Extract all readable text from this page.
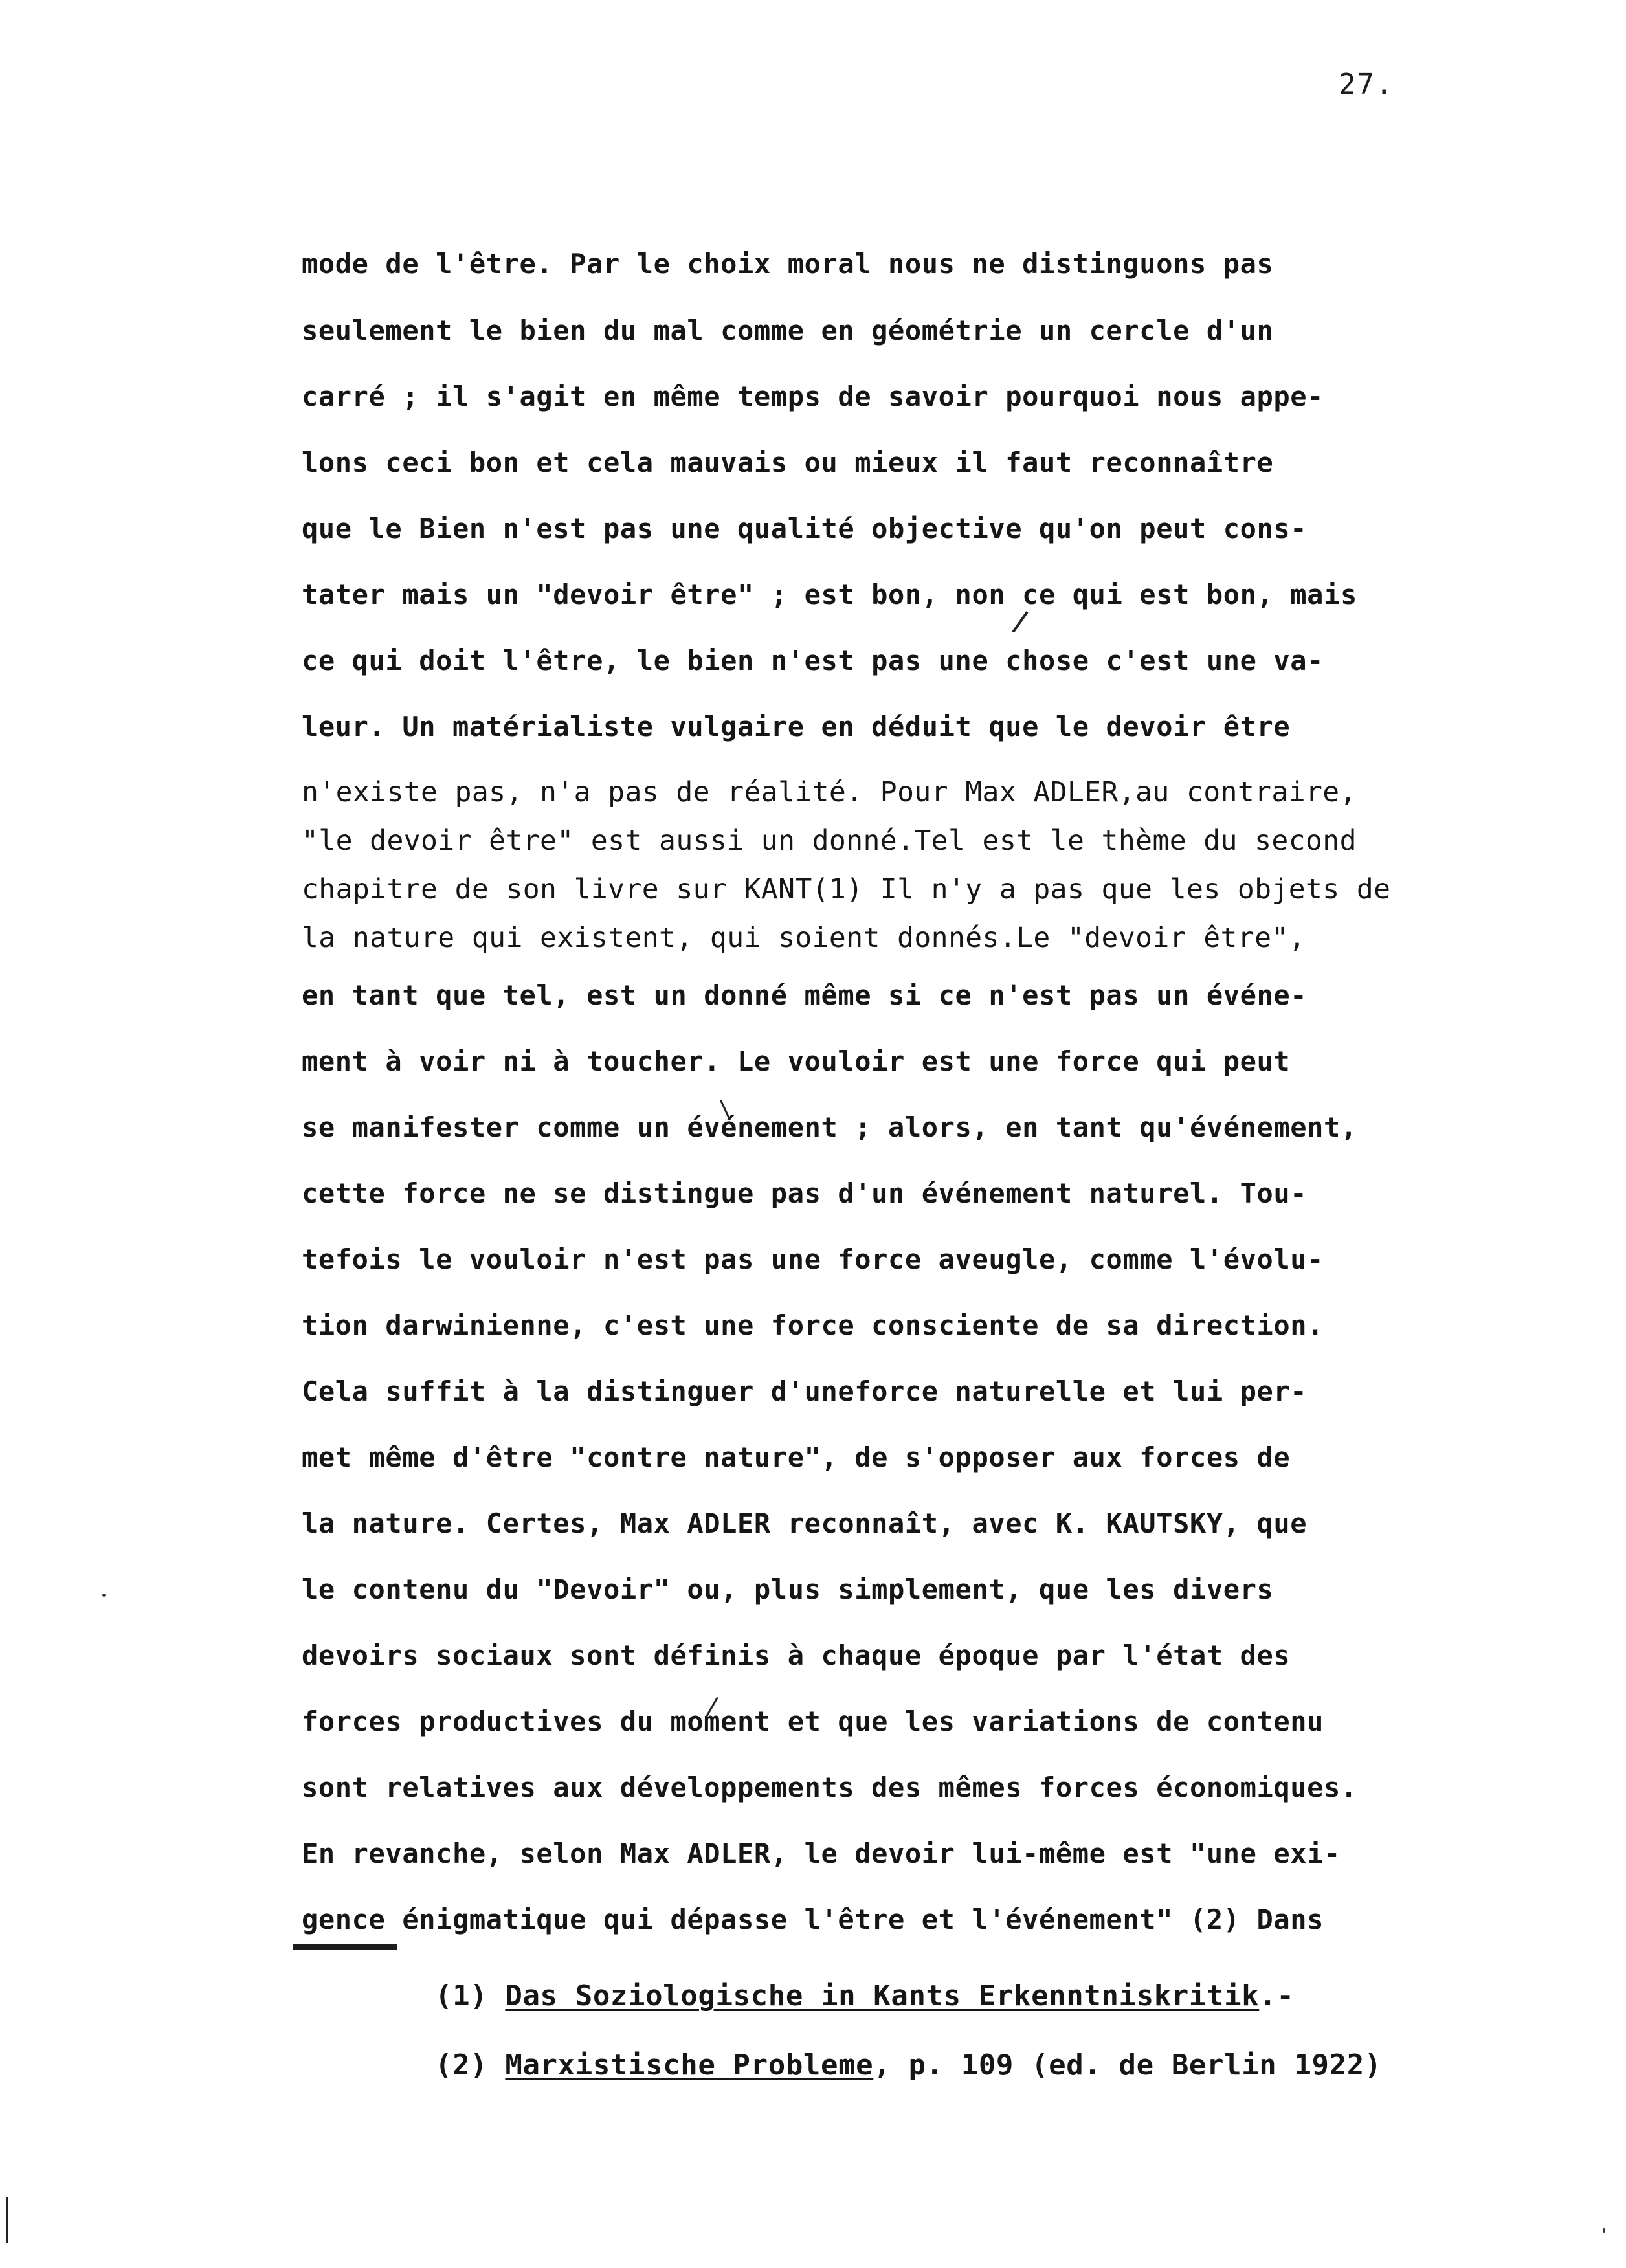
27.
mode de l'être. Par le choix moral nous ne distinguons pas
seulement le bien du mal comme en géométrie un cercle d'un
carré ; il s'agit en même temps de savoir pourquoi nous appe-
lons ceci bon et cela mauvais ou mieux il faut reconnaître
que le Bien n'est pas une qualité objective qu'on peut cons-
tater mais un "devoir être" ; est bon, non ce qui est bon, mais
ce qui doit l'être, le bien n'est pas une chose c'est une va-
leur. Un matérialiste vulgaire en déduit que le devoir être
n'existe pas, n'a pas de réalité. Pour Max ADLER,au contraire,
"le devoir être" est aussi un donné.Tel est le thème du second
chapitre de son livre sur KANT(1) Il n'y a pas que les objets de
la nature qui existent, qui soient donnés.Le "devoir être",
en tant que tel, est un donné même si ce n'est pas un événe-
ment à voir ni à toucher. Le vouloir est une force qui peut
se manifester comme un événement ; alors, en tant qu'événement,
cette force ne se distingue pas d'un événement naturel. Tou-
tefois le vouloir n'est pas une force aveugle, comme l'évolu-
tion darwinienne, c'est une force consciente de sa direction.
Cela suffit à la distinguer d'uneforce naturelle et lui per-
met même d'être "contre nature", de s'opposer aux forces de
la nature. Certes, Max ADLER reconnaît, avec K. KAUTSKY, que
le contenu du "Devoir" ou, plus simplement, que les divers
devoirs sociaux sont définis à chaque époque par l'état des
forces productives du moment et que les variations de contenu
sont relatives aux développements des mêmes forces économiques.
En revanche, selon Max ADLER, le devoir lui-même est "une exi-
gence énigmatique qui dépasse l'être et l'événement" (2) Dans
(1) Das Soziologische in Kants Erkenntniskritik.-
(2) Marxistische Probleme, p. 109 (ed. de Berlin 1922)
